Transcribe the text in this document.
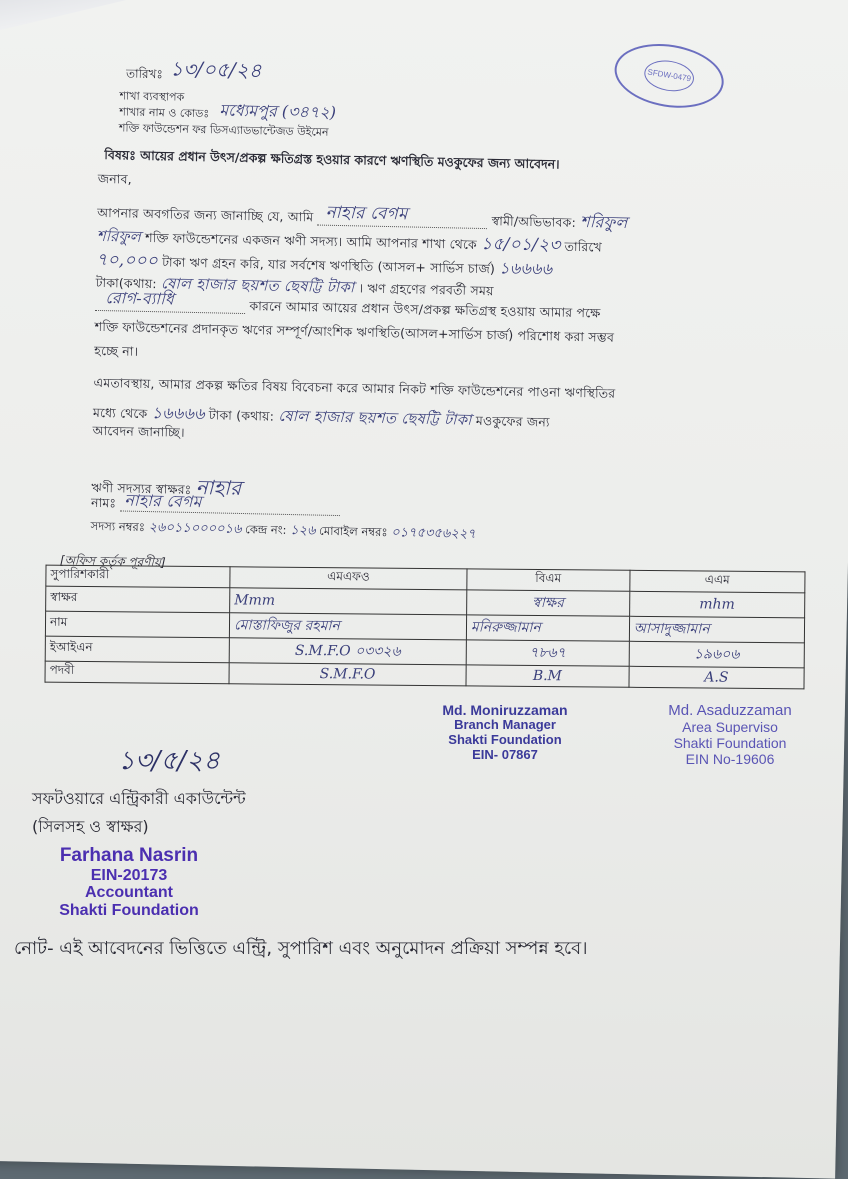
তারিখঃ ১৩/০৫/২৪
শাখা ব্যবস্থাপক
শাখার নাম ও কোডঃ মধ্যেমপুর (৩৪৭২)
শক্তি ফাউন্ডেশন ফর ডিসএ্যাডভান্টেজড উইমেন
SFDW-0479
বিষয়ঃ আয়ের প্রধান উৎস/প্রকল্প ক্ষতিগ্রস্ত হওয়ার কারণে ঋণস্থিতি মওকুফের জন্য আবেদন।
জনাব,
আপনার অবগতির জন্য জানাচ্ছি যে, আমি নাহার বেগম	স্বামী/অভিভাবক: শরিফুল
শরিফুল শক্তি ফাউন্ডেশনের একজন ঋণী সদস্য। আমি আপনার শাখা থেকে ১৫/০১/২৩ তারিখে
৭০,০০০ টাকা ঋণ গ্রহন করি, যার সর্বশেষ ঋণস্থিতি (আসল+ সার্ভিস চার্জ) ১৬৬৬৬
টাকা(কথায়: ষোল হাজার ছয়শত ছেষট্টি টাকা । ঋণ গ্রহণের পরবর্তী সময়
রোগ-ব্যাধি	কারনে আমার আয়ের প্রধান উৎস/প্রকল্প ক্ষতিগ্রস্থ হওয়ায় আমার পক্ষে
শক্তি ফাউন্ডেশনের প্রদানকৃত ঋণের সম্পূর্ণ/আংশিক ঋণস্থিতি(আসল+সার্ভিস চার্জ) পরিশোধ করা সম্ভব
হচ্ছে না।
এমতাবস্থায়, আমার প্রকল্প ক্ষতির বিষয় বিবেচনা করে আমার নিকট শক্তি ফাউন্ডেশনের পাওনা ঋণস্থিতির
মধ্যে থেকে ১৬৬৬৬ টাকা (কথায়: ষোল হাজার ছয়শত ছেষট্টি টাকা মওকুফের জন্য
আবেদন জানাচ্ছি।
ঋণী সদস্যর স্বাক্ষরঃ নাহার
নামঃ নাহার বেগম

সদস্য নম্বরঃ ২৬০১১০০০০১৬ কেন্দ্র নং: ১২৬ মোবাইল নম্বরঃ ০১৭৫৩৫৬২২৭
[অফিস কর্তৃক পূরণীয়]
সুপারিশকারী	এমএফও	বিএম	এএম
স্বাক্ষর	Mmm	স্বাক্ষর	mhm
নাম	মোস্তাফিজুর রহমান	মনিরুজ্জামান	আসাদুজ্জামান
ইআইএন	S.M.F.O ০৩৩২৬	৭৮৬৭	১৯৬০৬
পদবী	S.M.F.O	B.M	A.S
Md. Moniruzzaman
Branch Manager
Shakti Foundation
EIN- 07867
Md. Asaduzzaman
Area Superviso
Shakti Foundation
EIN No-19606
১৩/৫/২৪
সফটওয়ারে এন্ট্রিকারী একাউন্টেন্ট
(সিলসহ ও স্বাক্ষর)
Farhana Nasrin
EIN-20173
Accountant
Shakti Foundation
নোট- এই আবেদনের ভিত্তিতে এন্ট্রি, সুপারিশ এবং অনুমোদন প্রক্রিয়া সম্পন্ন হবে।
